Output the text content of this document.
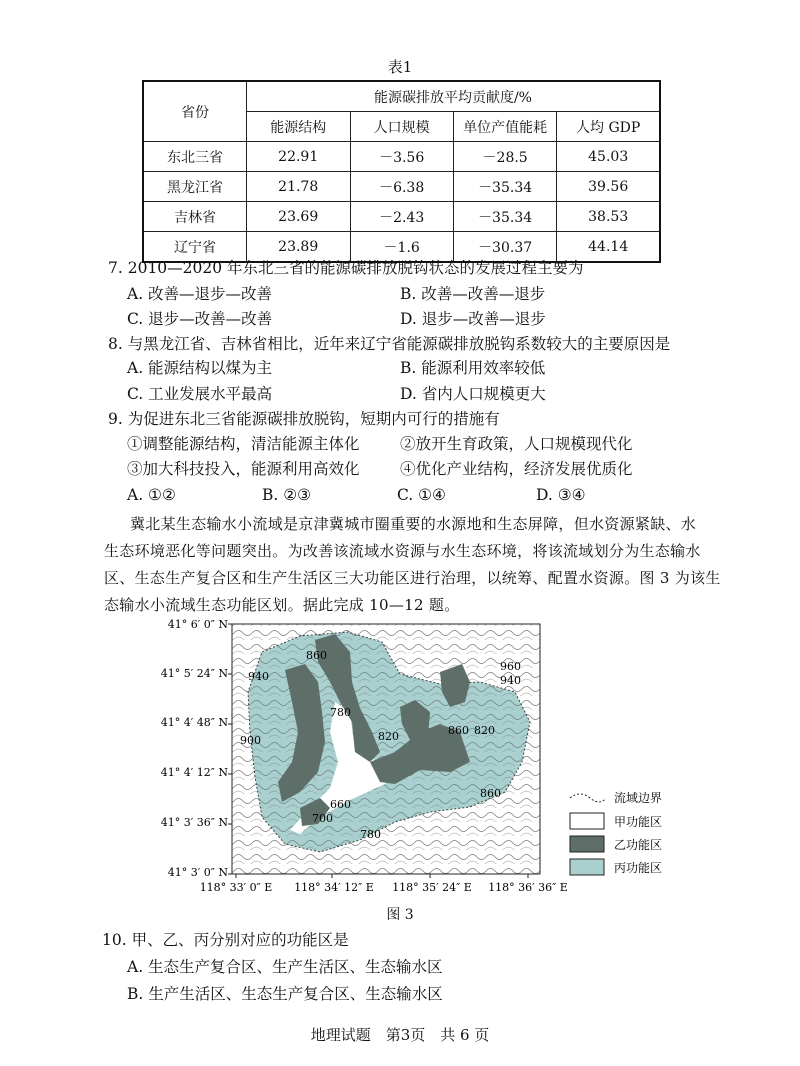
表1
省份	能源碳排放平均贡献度/%			
	能源结构	人口规模	单位产值能耗	人均 GDP
东北三省	22.91	－3.56	－28.5	45.03
黑龙江省	21.78	－6.38	－35.34	39.56
吉林省	23.69	－2.43	－35.34	38.53
辽宁省	23.89	－1.6	－30.37	44.14
7. 2010—2020 年东北三省的能源碳排放脱钩状态的发展过程主要为
A. 改善—退步—改善	B. 改善—改善—退步
C. 退步—改善—改善	D. 退步—改善—退步
8. 与黑龙江省、吉林省相比，近年来辽宁省能源碳排放脱钩系数较大的主要原因是
A. 能源结构以煤为主	B. 能源利用效率较低
C. 工业发展水平最高	D. 省内人口规模更大
9. 为促进东北三省能源碳排放脱钩，短期内可行的措施有
①调整能源结构，清洁能源主体化	②放开生育政策，人口规模现代化
③加大科技投入，能源利用高效化	④优化产业结构，经济发展优质化
A. ①②	B. ②③	C. ①④	D. ③④
冀北某生态输水小流域是京津冀城市圈重要的水源地和生态屏障，但水资源紧缺、水
生态环境恶化等问题突出。为改善该流域水资源与水生态环境，将该流域划分为生态输水
区、生态生产复合区和生产生活区三大功能区进行治理，以统筹、配置水资源。图 3 为该生
态输水小流域生态功能区划。据此完成 10—12 题。
860
940
780
900	820	860 820
960
940
860
700
660
780
41° 6′ 0″ N
41° 5′ 24″ N
41° 4′ 48″ N
41° 4′ 12″ N
41° 3′ 36″ N
41° 3′ 0″ N
118° 33′ 0″ E 118° 34′ 12″ E 118° 35′ 24″ E 118° 36′ 36″ E
流域边界
甲功能区
乙功能区
丙功能区
图 3
10. 甲、乙、丙分别对应的功能区是
A. 生态生产复合区、生产生活区、生态输水区
B. 生产生活区、生态生产复合区、生态输水区
地理试题　第3页　共 6 页
